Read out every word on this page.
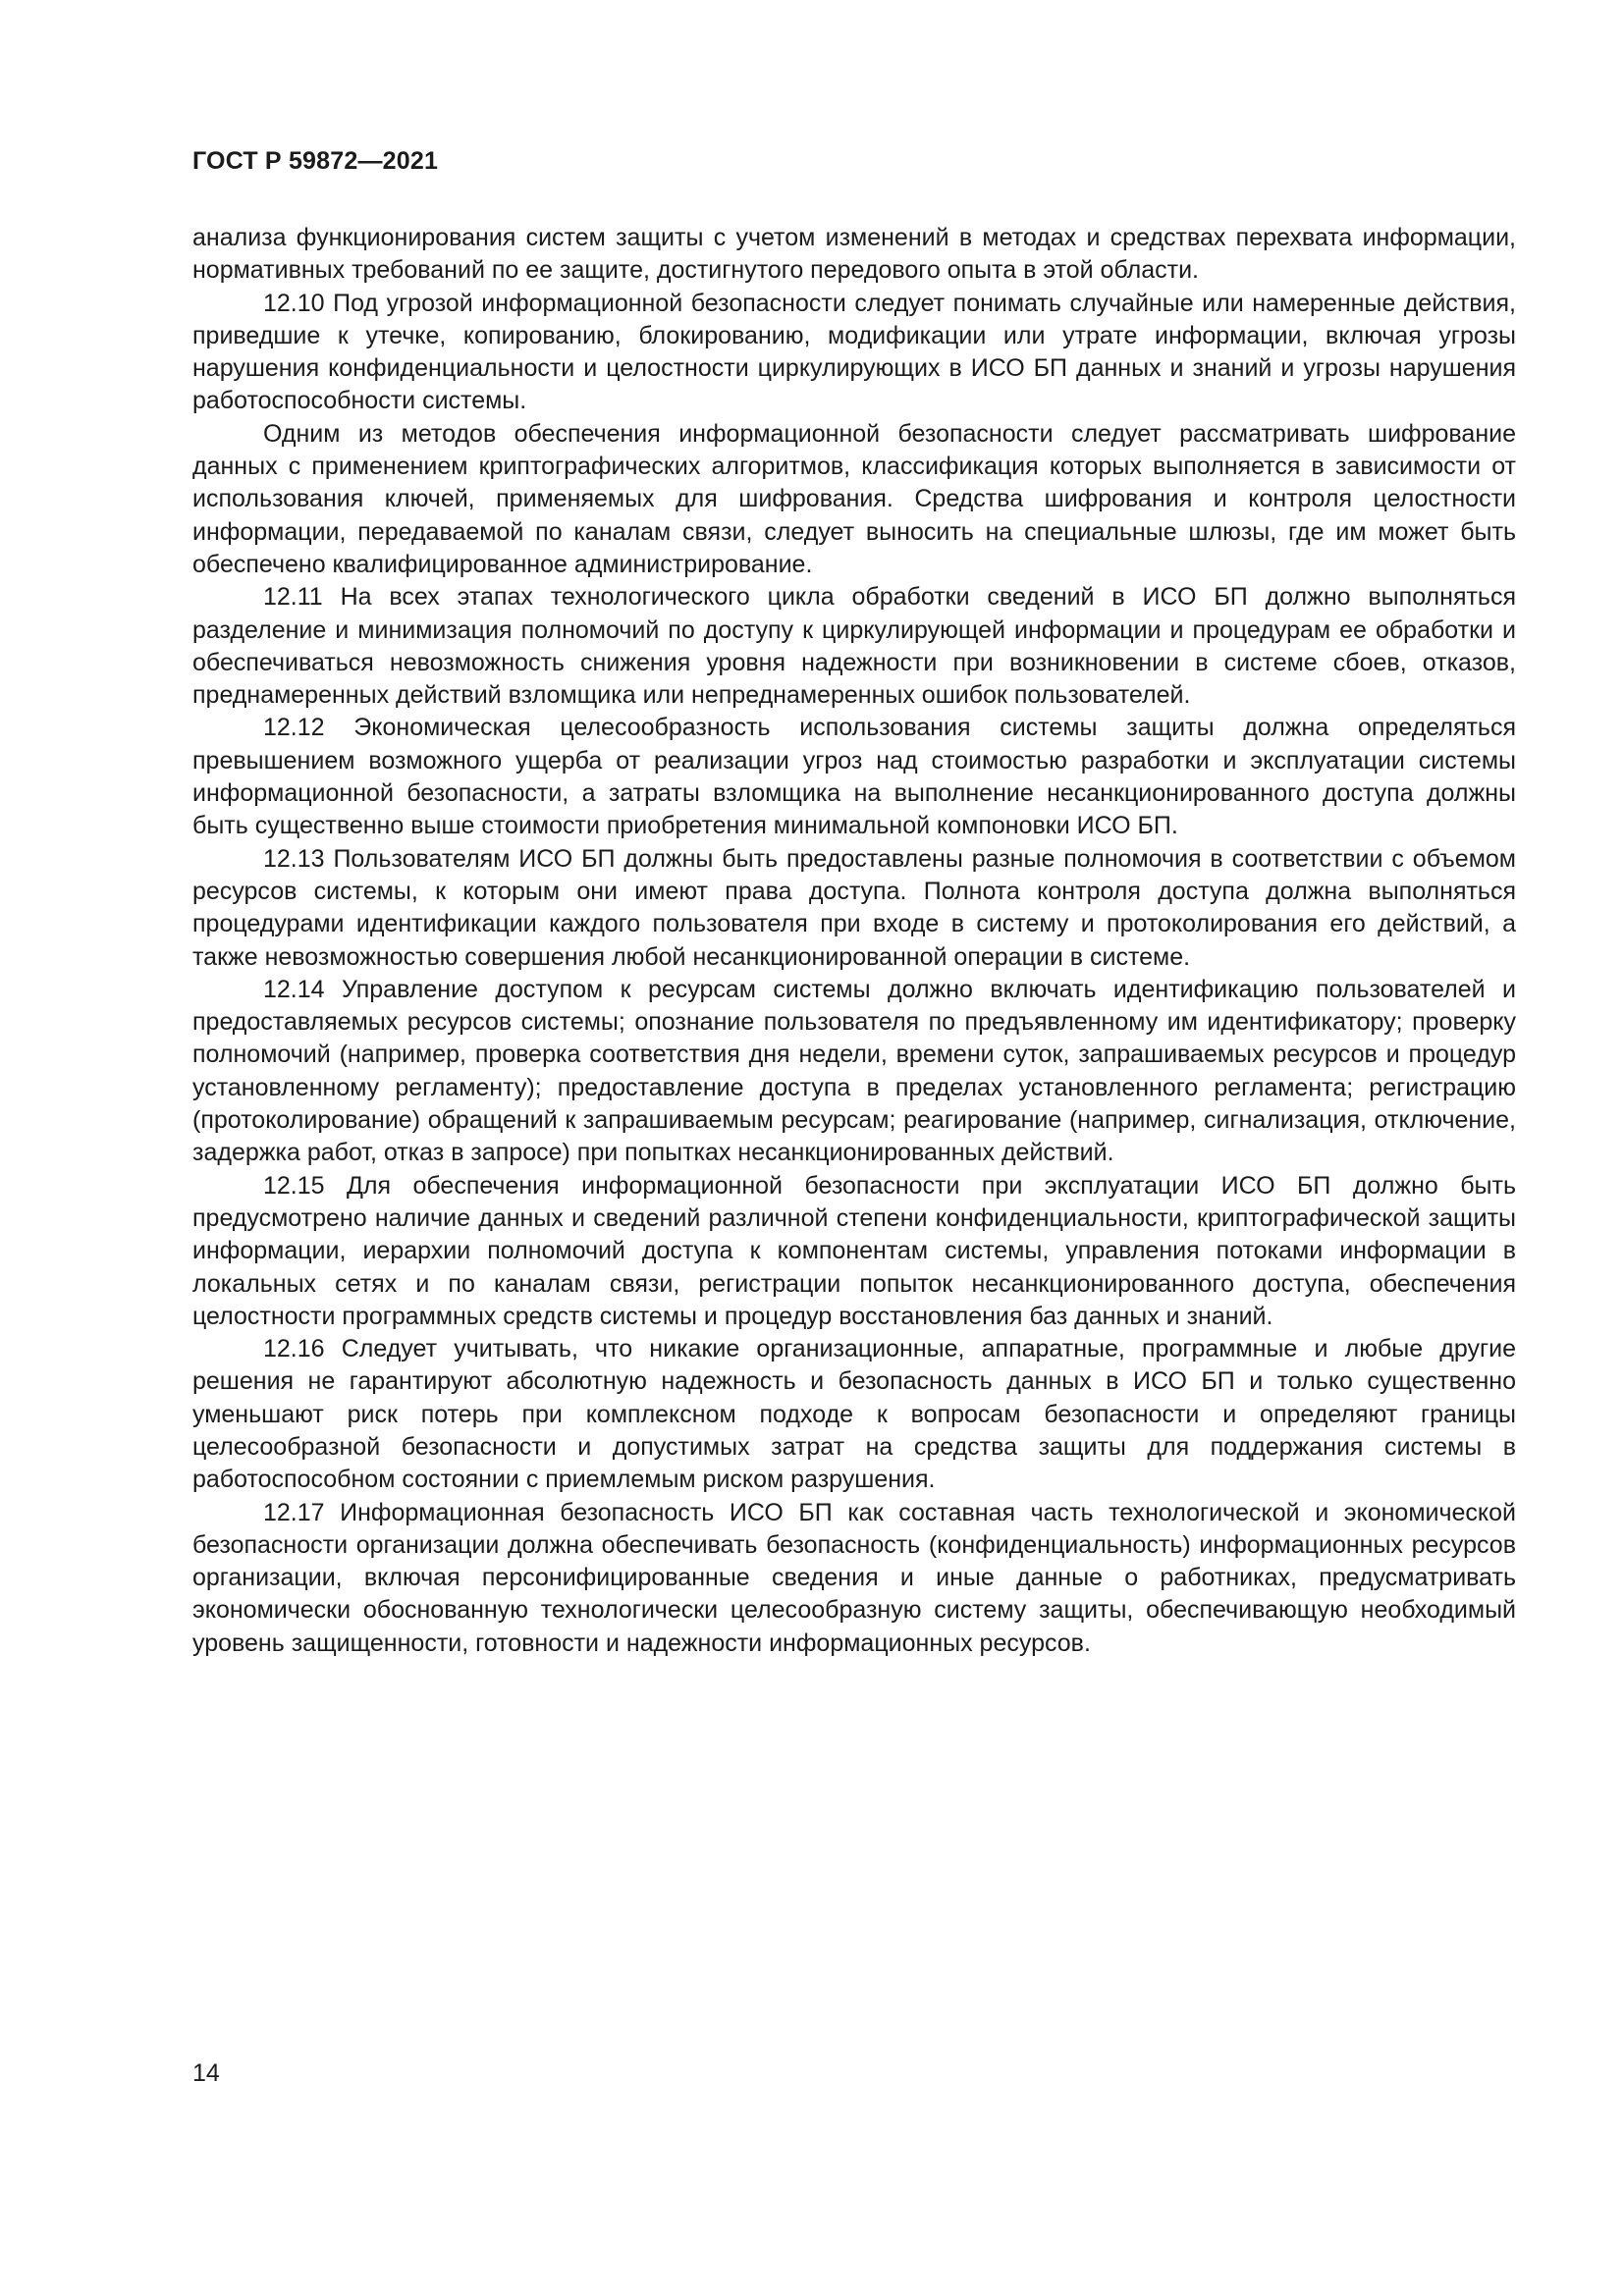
ГОСТ Р 59872—2021

анализа функционирования систем защиты с учетом изменений в методах и средствах перехвата информации, нормативных требований по ее защите, достигнутого передового опыта в этой области.

12.10 Под угрозой информационной безопасности следует понимать случайные или намеренные действия, приведшие к утечке, копированию, блокированию, модификации или утрате информации, включая угрозы нарушения конфиденциальности и целостности циркулирующих в ИСО БП данных и знаний и угрозы нарушения работоспособности системы.

Одним из методов обеспечения информационной безопасности следует рассматривать шифрование данных с применением криптографических алгоритмов, классификация которых выполняется в зависимости от использования ключей, применяемых для шифрования. Средства шифрования и контроля целостности информации, передаваемой по каналам связи, следует выносить на специальные шлюзы, где им может быть обеспечено квалифицированное администрирование.

12.11 На всех этапах технологического цикла обработки сведений в ИСО БП должно выполняться разделение и минимизация полномочий по доступу к циркулирующей информации и процедурам ее обработки и обеспечиваться невозможность снижения уровня надежности при возникновении в системе сбоев, отказов, преднамеренных действий взломщика или непреднамеренных ошибок пользователей.

12.12 Экономическая целесообразность использования системы защиты должна определяться превышением возможного ущерба от реализации угроз над стоимостью разработки и эксплуатации системы информационной безопасности, а затраты взломщика на выполнение несанкционированного доступа должны быть существенно выше стоимости приобретения минимальной компоновки ИСО БП.

12.13 Пользователям ИСО БП должны быть предоставлены разные полномочия в соответствии с объемом ресурсов системы, к которым они имеют права доступа. Полнота контроля доступа должна выполняться процедурами идентификации каждого пользователя при входе в систему и протоколирования его действий, а также невозможностью совершения любой несанкционированной операции в системе.

12.14 Управление доступом к ресурсам системы должно включать идентификацию пользователей и предоставляемых ресурсов системы; опознание пользователя по предъявленному им идентификатору; проверку полномочий (например, проверка соответствия дня недели, времени суток, запрашиваемых ресурсов и процедур установленному регламенту); предоставление доступа в пределах установленного регламента; регистрацию (протоколирование) обращений к запрашиваемым ресурсам; реагирование (например, сигнализация, отключение, задержка работ, отказ в запросе) при попытках несанкционированных действий.

12.15 Для обеспечения информационной безопасности при эксплуатации ИСО БП должно быть предусмотрено наличие данных и сведений различной степени конфиденциальности, криптографической защиты информации, иерархии полномочий доступа к компонентам системы, управления потоками информации в локальных сетях и по каналам связи, регистрации попыток несанкционированного доступа, обеспечения целостности программных средств системы и процедур восстановления баз данных и знаний.

12.16 Следует учитывать, что никакие организационные, аппаратные, программные и любые другие решения не гарантируют абсолютную надежность и безопасность данных в ИСО БП и только существенно уменьшают риск потерь при комплексном подходе к вопросам безопасности и определяют границы целесообразной безопасности и допустимых затрат на средства защиты для поддержания системы в работоспособном состоянии с приемлемым риском разрушения.

12.17 Информационная безопасность ИСО БП как составная часть технологической и экономической безопасности организации должна обеспечивать безопасность (конфиденциальность) информационных ресурсов организации, включая персонифицированные сведения и иные данные о работниках, предусматривать экономически обоснованную технологически целесообразную систему защиты, обеспечивающую необходимый уровень защищенности, готовности и надежности информационных ресурсов.

14
